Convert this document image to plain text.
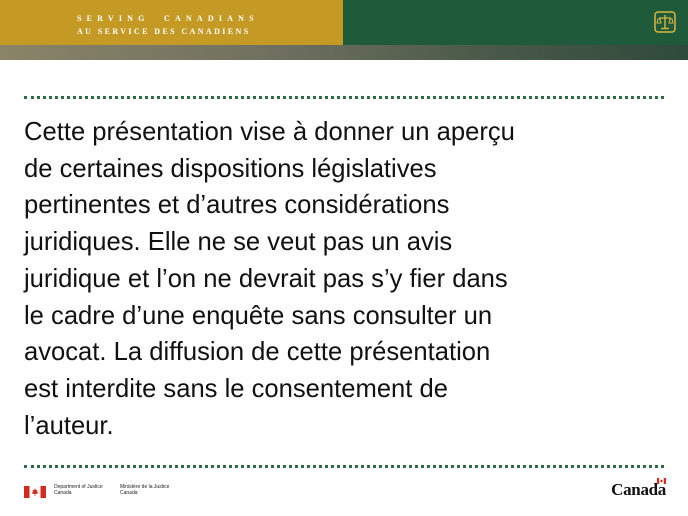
SERVING  CANADIANS
AU SERVICE DES CANADIENS

Cette présentation vise à donner un aperçu
de certaines dispositions législatives
pertinentes et d’autres considérations
juridiques. Elle ne se veut pas un avis
juridique et l’on ne devrait pas s’y fier dans
le cadre d’une enquête sans consulter un
avocat. La diffusion de cette présentation
est interdite sans le consentement de
l’auteur.

Department of Justice
Canada
Ministère de la Justice
Canada	Canada
